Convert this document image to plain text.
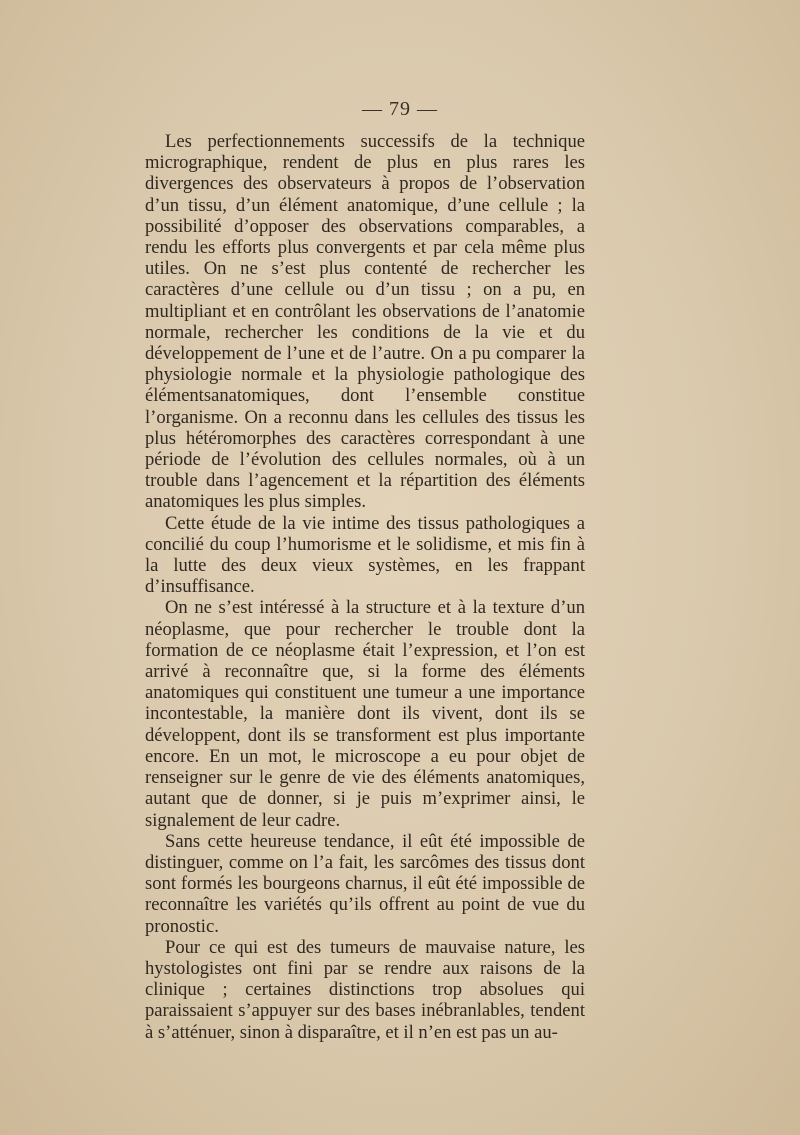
— 79 —

Les perfectionnements successifs de la technique micrographique, rendent de plus en plus rares les divergences des observateurs à propos de l’observation d’un tissu, d’un élément anatomique, d’une cellule ; la possibilité d’opposer des observations comparables, a rendu les efforts plus convergents et par cela même plus utiles. On ne s’est plus contenté de rechercher les caractères d’une cellule ou d’un tissu ; on a pu, en multipliant et en contrôlant les observations de l’anatomie normale, rechercher les conditions de la vie et du développement de l’une et de l’autre. On a pu comparer la physiologie normale et la physiologie pathologique des élémentsanatomiques, dont l’ensemble constitue l’organisme. On a reconnu dans les cellules des tissus les plus hétéromorphes des caractères correspondant à une période de l’évolution des cellules normales, où à un trouble dans l’agencement et la répartition des éléments anatomiques les plus simples.

Cette étude de la vie intime des tissus pathologiques a concilié du coup l’humorisme et le solidisme, et mis fin à la lutte des deux vieux systèmes, en les frappant d’insuffisance.

On ne s’est intéressé à la structure et à la texture d’un néoplasme, que pour rechercher le trouble dont la formation de ce néoplasme était l’expression, et l’on est arrivé à reconnaître que, si la forme des éléments anatomiques qui constituent une tumeur a une importance incontestable, la manière dont ils vivent, dont ils se développent, dont ils se transforment est plus importante encore. En un mot, le microscope a eu pour objet de renseigner sur le genre de vie des éléments anatomiques, autant que de donner, si je puis m’exprimer ainsi, le signalement de leur cadre.

Sans cette heureuse tendance, il eût été impossible de distinguer, comme on l’a fait, les sarcômes des tissus dont sont formés les bourgeons charnus, il eût été impossible de reconnaître les variétés qu’ils offrent au point de vue du pronostic.

Pour ce qui est des tumeurs de mauvaise nature, les hystologistes ont fini par se rendre aux raisons de la clinique ; certaines distinctions trop absolues qui paraissaient s’appuyer sur des bases inébranlables, tendent à s’atténuer, sinon à disparaître, et il n’en est pas un au-
